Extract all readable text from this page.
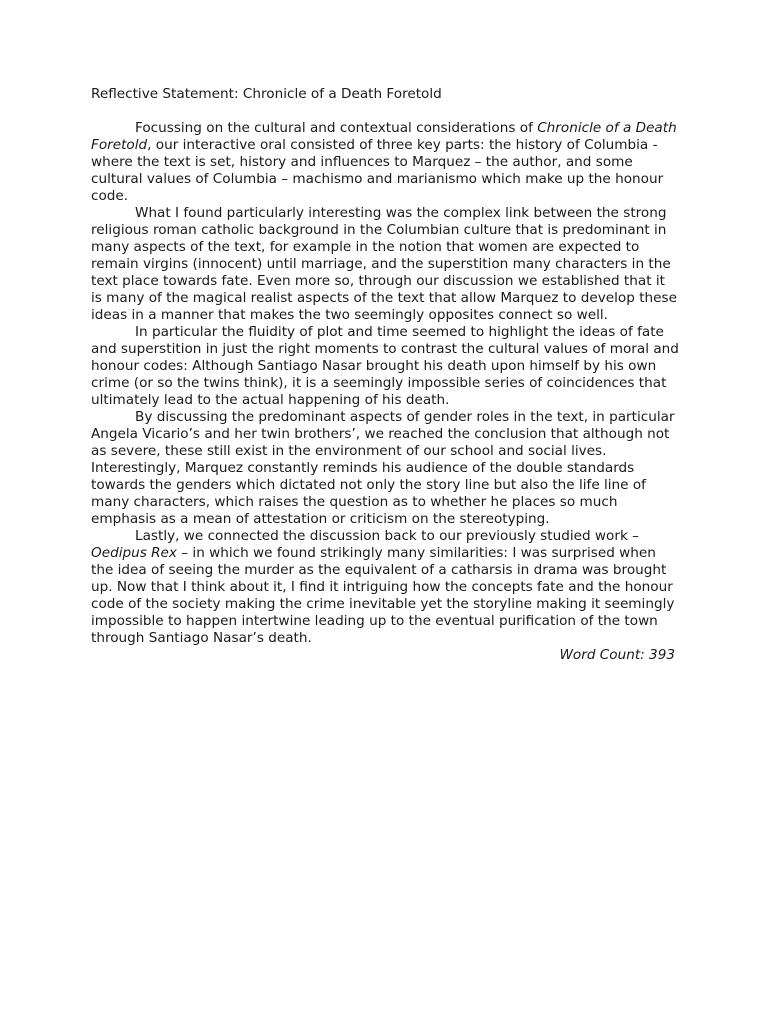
Reflective Statement: Chronicle of a Death Foretold

Focussing on the cultural and contextual considerations of Chronicle of a Death Foretold, our interactive oral consisted of three key parts: the history of Columbia - where the text is set, history and influences to Marquez – the author, and some cultural values of Columbia – machismo and marianismo which make up the honour code.

What I found particularly interesting was the complex link between the strong religious roman catholic background in the Columbian culture that is predominant in many aspects of the text, for example in the notion that women are expected to remain virgins (innocent) until marriage, and the superstition many characters in the text place towards fate. Even more so, through our discussion we established that it is many of the magical realist aspects of the text that allow Marquez to develop these ideas in a manner that makes the two seemingly opposites connect so well.

In particular the fluidity of plot and time seemed to highlight the ideas of fate and superstition in just the right moments to contrast the cultural values of moral and honour codes: Although Santiago Nasar brought his death upon himself by his own crime (or so the twins think), it is a seemingly impossible series of coincidences that ultimately lead to the actual happening of his death.

By discussing the predominant aspects of gender roles in the text, in particular Angela Vicario’s and her twin brothers’, we reached the conclusion that although not as severe, these still exist in the environment of our school and social lives. Interestingly, Marquez constantly reminds his audience of the double standards towards the genders which dictated not only the story line but also the life line of many characters, which raises the question as to whether he places so much emphasis as a mean of attestation or criticism on the stereotyping.

Lastly, we connected the discussion back to our previously studied work – Oedipus Rex – in which we found strikingly many similarities: I was surprised when the idea of seeing the murder as the equivalent of a catharsis in drama was brought up. Now that I think about it, I find it intriguing how the concepts fate and the honour code of the society making the crime inevitable yet the storyline making it seemingly impossible to happen intertwine leading up to the eventual purification of the town through Santiago Nasar’s death.

Word Count: 393
